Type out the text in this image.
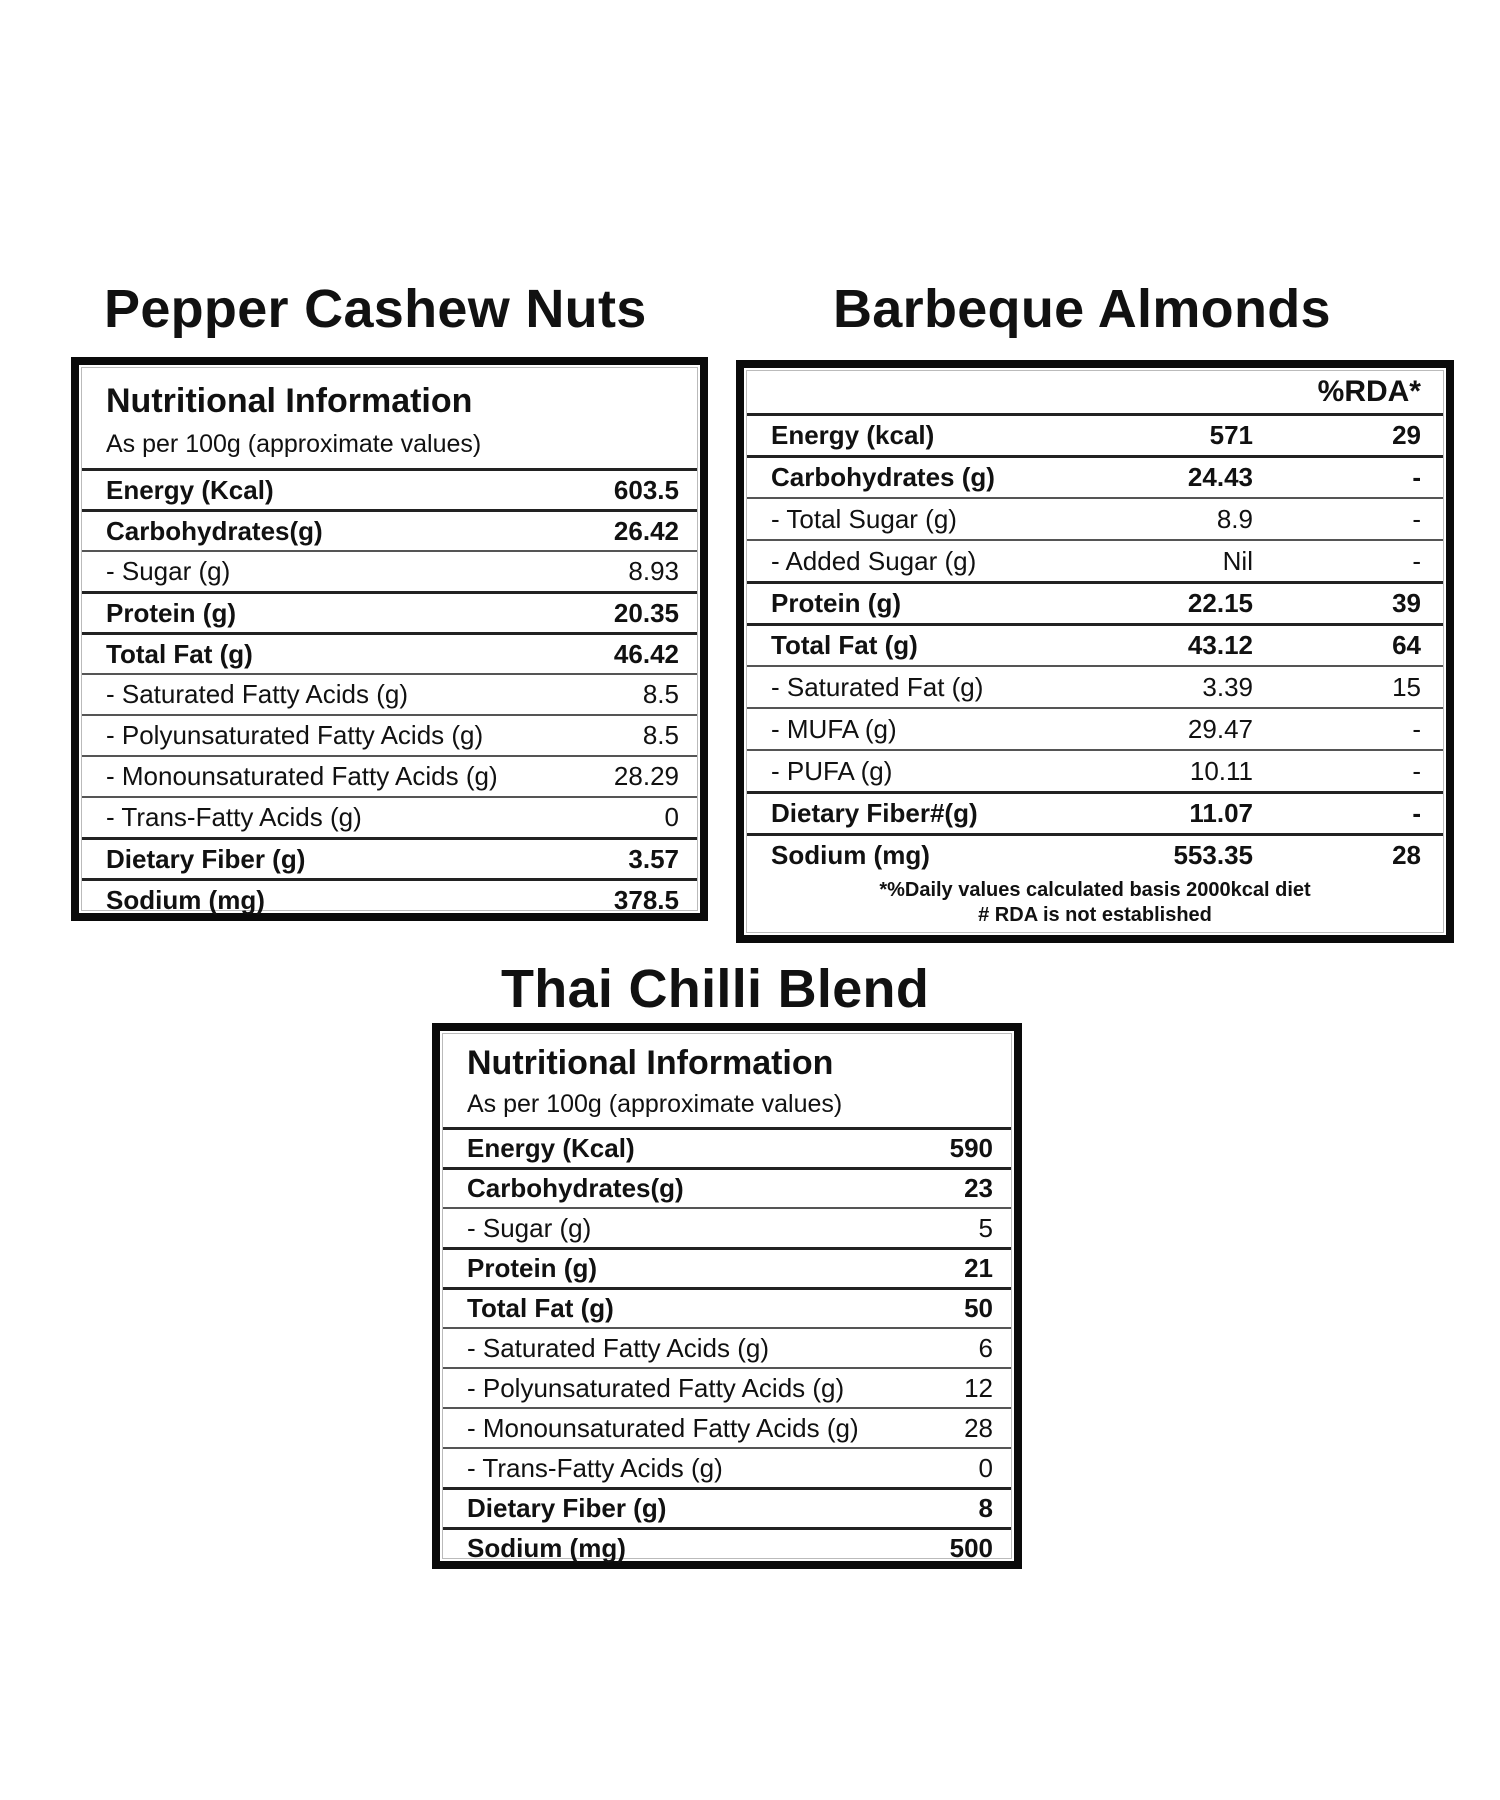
Pepper Cashew Nuts	Barbeque Almonds
Thai Chilli Blend
Nutritional Information
As per 100g (approximate values)
Energy (Kcal)	603.5
Carbohydrates(g)	26.42
- Sugar (g)	8.93
Protein (g)	20.35
Total Fat (g)	46.42
- Saturated Fatty Acids (g)	8.5
- Polyunsaturated Fatty Acids (g)	8.5
- Monounsaturated Fatty Acids (g)	28.29
- Trans-Fatty Acids (g)	0
Dietary Fiber (g)	3.57
Sodium (mg)	378.5
%RDA*
Energy (kcal)	571	29
Carbohydrates (g)	24.43	-
- Total Sugar (g)	8.9	-
- Added Sugar (g)	Nil	-
Protein (g)	22.15	39
Total Fat (g)	43.12	64
- Saturated Fat (g)	3.39	15
- MUFA (g)	29.47	-
- PUFA (g)	10.11	-
Dietary Fiber#(g)	11.07	-
Sodium (mg)	553.35	28
*%Daily values calculated basis 2000kcal diet
# RDA is not established
Nutritional Information
As per 100g (approximate values)
Energy (Kcal)	590
Carbohydrates(g)	23
- Sugar (g)	5
Protein (g)	21
Total Fat (g)	50
- Saturated Fatty Acids (g)	6
- Polyunsaturated Fatty Acids (g)	12
- Monounsaturated Fatty Acids (g)	28
- Trans-Fatty Acids (g)	0
Dietary Fiber (g)	8
Sodium (mg)	500
